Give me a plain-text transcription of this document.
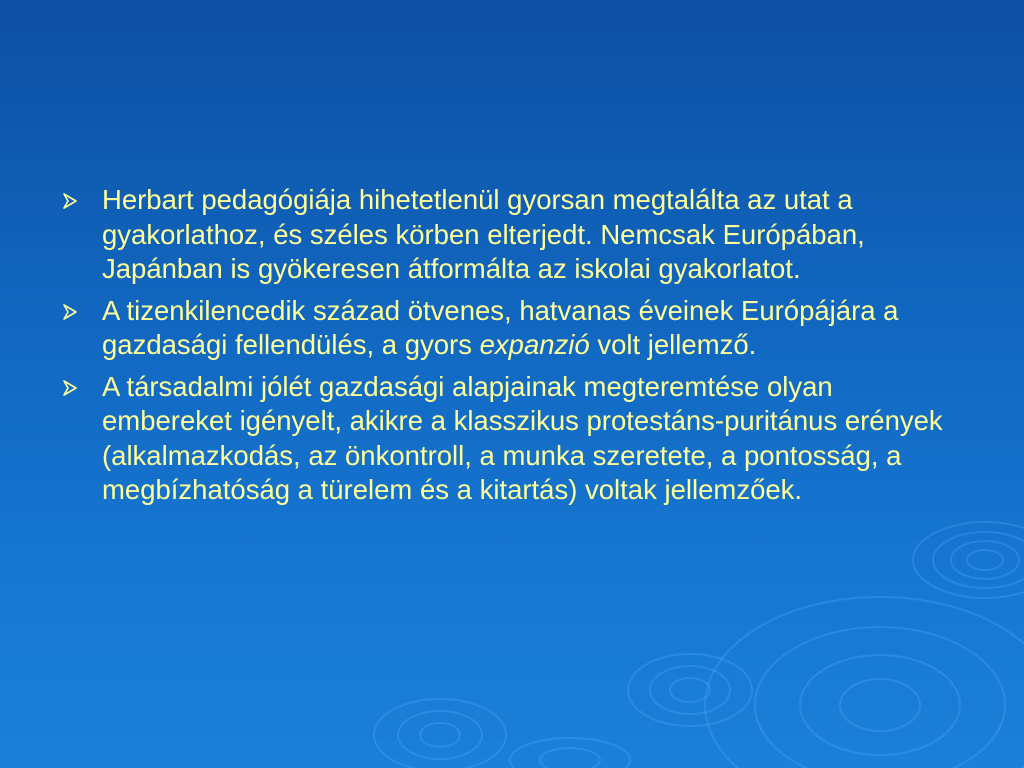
Herbart pedagógiája hihetetlenül gyorsan megtalálta az utat a gyakorlathoz, és széles körben elterjedt. Nemcsak Európában, Japánban is gyökeresen átformálta az iskolai gyakorlatot.
A tizenkilencedik század ötvenes, hatvanas éveinek Európájára a gazdasági fellendülés, a gyors expanzió volt jellemző.
A társadalmi jólét gazdasági alapjainak megteremtése olyan embereket igényelt, akikre a klasszikus protestáns-puritánus erények (alkalmazkodás, az önkontroll, a munka szeretete, a pontosság, a megbízhatóság a türelem és a kitartás) voltak jellemzőek.
